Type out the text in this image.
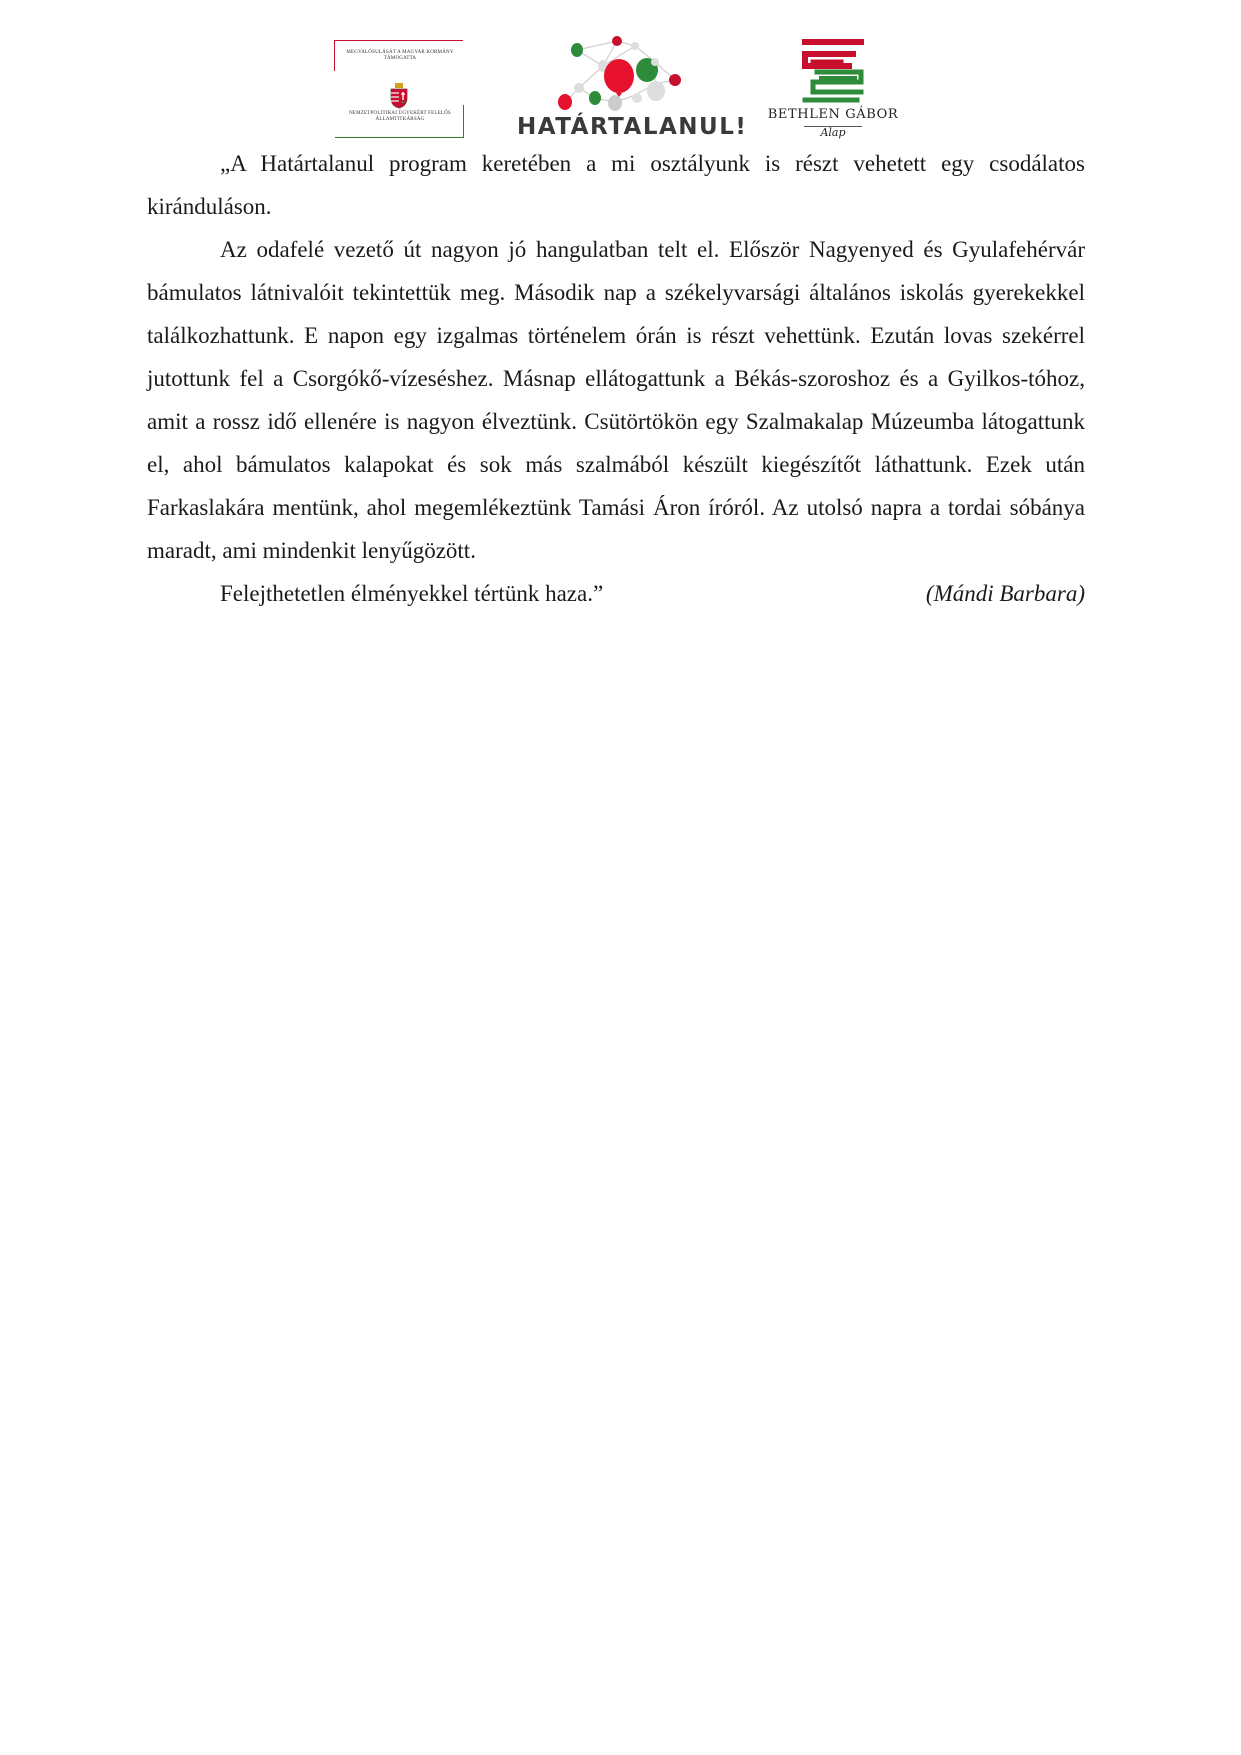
MEGVALÓSULÁSÁT A MAGYAR KORMÁNY TÁMOGATTA
NEMZETPOLITIKAI ÜGYEKÉRT FELELŐS ÁLLAMTITKÁRSÁG	HATÁRTALANUL!	BETHLEN GÁBOR
Alap

„A Határtalanul program keretében a mi osztályunk is részt vehetett egy csodálatos kiránduláson.

Az odafelé vezető út nagyon jó hangulatban telt el. Először Nagyenyed és Gyulafehérvár bámulatos látnivalóit tekintettük meg. Második nap a székelyvarsági általános iskolás gyerekekkel találkozhattunk. E napon egy izgalmas történelem órán is részt vehettünk. Ezután lovas szekérrel jutottunk fel a Csorgókő-vízeséshez. Másnap ellátogattunk a Békás-szoroshoz és a Gyilkos-tóhoz, amit a rossz idő ellenére is nagyon élveztünk. Csütörtökön egy Szalmakalap Múzeumba látogattunk el, ahol bámulatos kalapokat és sok más szalmából készült kiegészítőt láthattunk. Ezek után Farkaslakára mentünk, ahol megemlékeztünk Tamási Áron íróról. Az utolsó napra a tordai sóbánya maradt, ami mindenkit lenyűgözött.

Felejthetetlen élményekkel tértünk haza.”	(Mándi Barbara)
